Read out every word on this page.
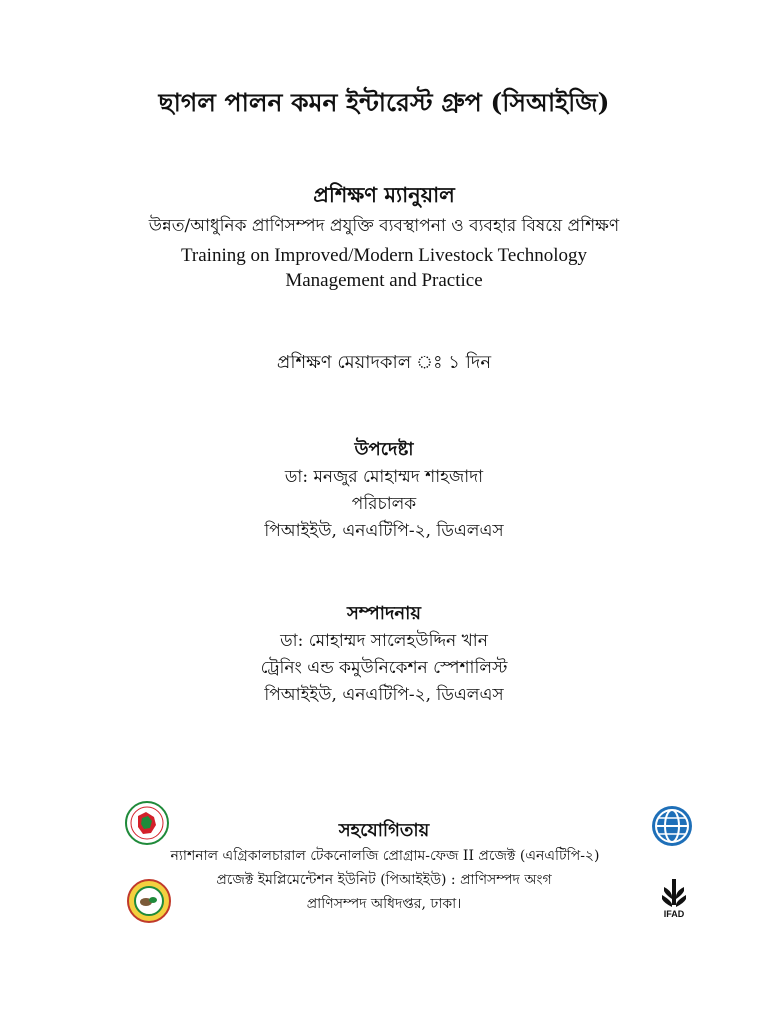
ছাগল পালন কমন ইন্টারেস্ট গ্রুপ (সিআইজি)
প্রশিক্ষণ ম্যানুয়াল
উন্নত/আধুনিক প্রাণিসম্পদ প্রযুক্তি ব্যবস্থাপনা ও ব্যবহার বিষয়ে প্রশিক্ষণ
Training on Improved/Modern Livestock Technology
Management and Practice
প্রশিক্ষণ মেয়াদকাল ঃ ১ দিন
উপদেষ্টা
ডা: মনজুর মোহাম্মদ শাহজাদা
পরিচালক
পিআইইউ, এনএটিপি-২, ডিএলএস
সম্পাদনায়
ডা: মোহাম্মদ সালেহউদ্দিন খান
ট্রেনিং এন্ড কমুউনিকেশন স্পেশালিস্ট
পিআইইউ, এনএটিপি-২, ডিএলএস
সহযোগিতায়
ন্যাশনাল এগ্রিকালচারাল টেকনোলজি প্রোগ্রাম-ফেজ II প্রজেক্ট (এনএটিপি-২)
প্রজেক্ট ইমপ্লিমেন্টেশন ইউনিট (পিআইইউ) : প্রাণিসম্পদ অংগ
প্রাণিসম্পদ অধিদপ্তর, ঢাকা।
IFAD
